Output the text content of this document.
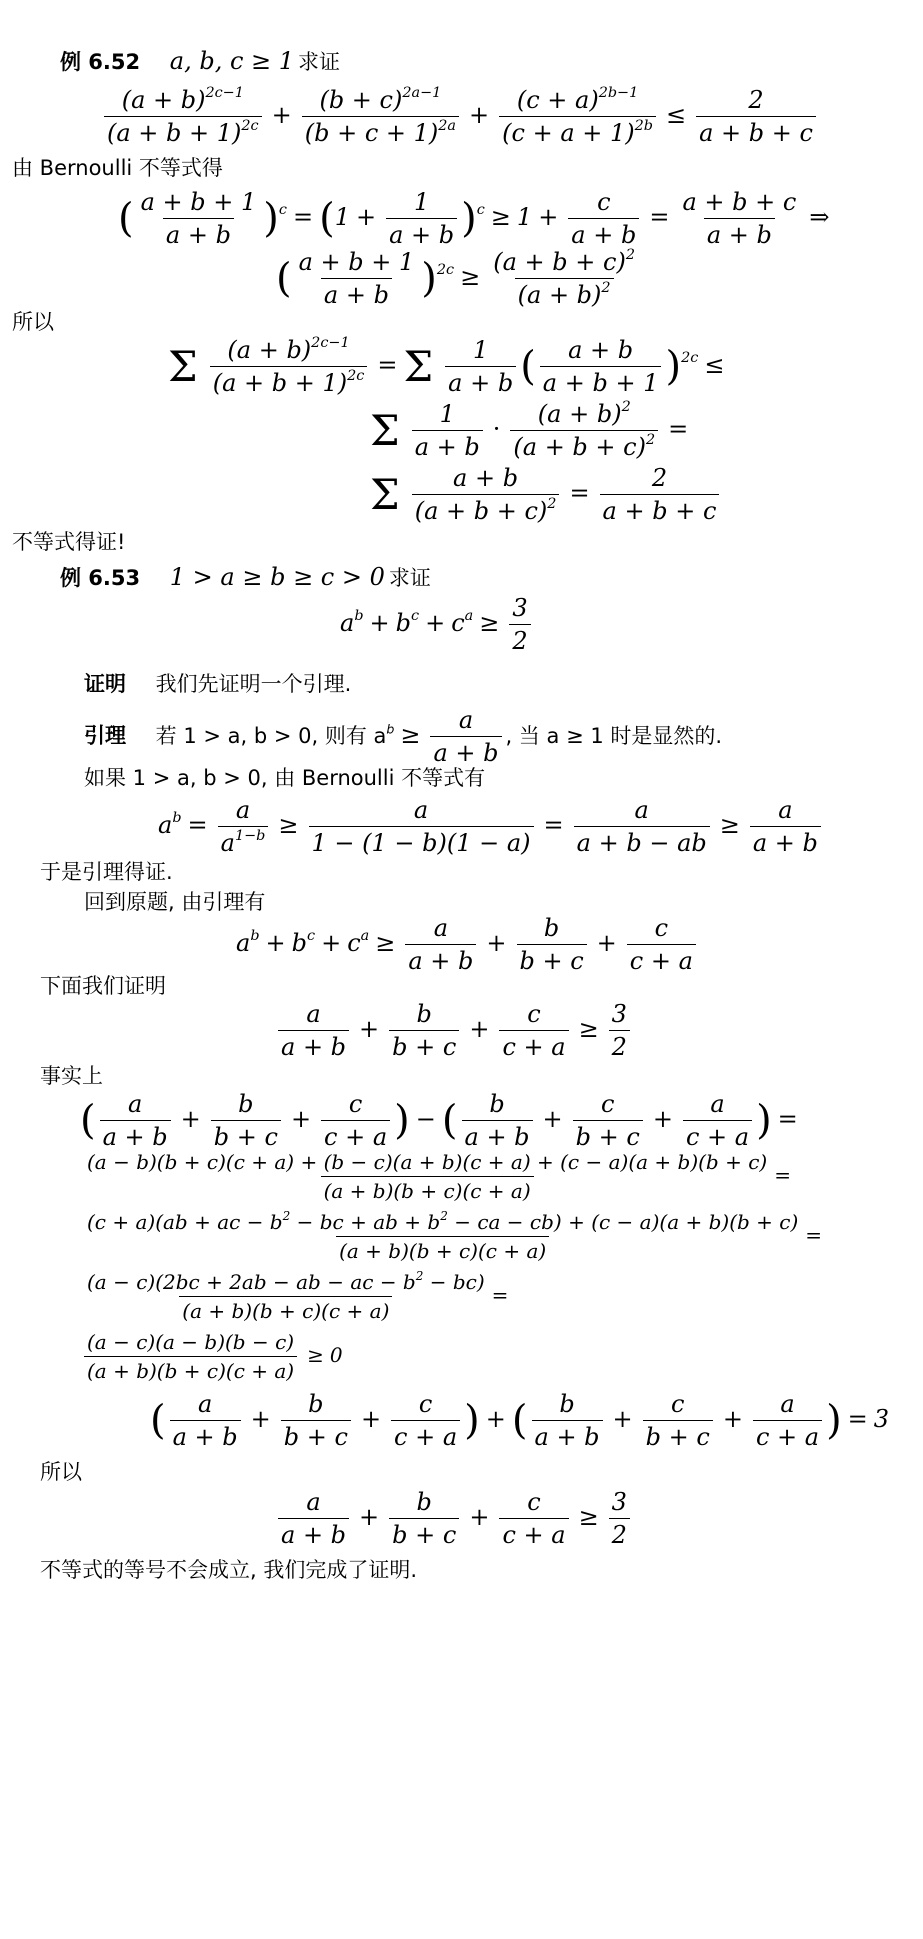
例 6.52 a, b, c ≥ 1 求证
$\frac{(a + b)^{2c-1}}{(a + b + 1)^{2c}} + \frac{(b + c)^{2a-1}}{(b + c + 1)^{2a}} + \frac{(c + a)^{2b-1}}{(c + a + 1)^{2b}} \le \frac{2}{a + b + c}$
由 Bernoulli 不等式得
( $\frac{a + b + 1}{a + b} )^c = (1 + \frac{1}{a + b} )^c \ge 1 + \frac{c}{a + b} = \frac{a + b + c}{a + b}$ ⇒
( $\frac{a + b + 1}{a + b} )^{2c} \ge \frac{(a + b + c)^2}{(a + b)^2}$
所以
Σ $\frac{(a + b)^{2c-1}}{(a + b + 1)^{2c}} = \Sigma \frac{1}{a + b}$ ( $\frac{a + b}{a + b + 1} )^{2c}$ ≤
Σ $\frac{1}{a + b} \cdot \frac{(a + b)^2}{(a + b + c)^2}$ =
Σ $\frac{a + b}{(a + b + c)^2} = \frac{2}{a + b + c}$
不等式得证!
例 6.53 1 > a ≥ b ≥ c > 0 求证
$a^b + b^c + c^a \ge \frac{3}{2}$
证明 我们先证明一个引理.
引理 若 1 > a, b > 0, 则有 $a^b \ge \frac{a}{a + b}$ , 当 a ≥ 1 时是显然的.
如果 1 > a, b > 0, 由 Bernoulli 不等式有
$a^b = \frac{a}{a^{1-b}} \ge \frac{a}{1 - (1 - b)(1 - a)} = \frac{a}{a + b - ab} \ge \frac{a}{a + b}$
于是引理得证.
回到原题, 由引理有
$a^b + b^c + c^a \ge \frac{a}{a + b} + \frac{b}{b + c} + \frac{c}{c + a}$
下面我们证明
$\frac{a}{a + b} + \frac{b}{b + c} + \frac{c}{c + a} \ge \frac{3}{2}$
事实上
( $\frac{a}{a + b} + \frac{b}{b + c} + \frac{c}{c + a}$ ) − ( $\frac{b}{a + b} + \frac{c}{b + c} + \frac{a}{c + a}$ ) =
(a − b)(b + c)(c + a) + (b − c)(a + b)(c + a) + (c − a)(a + b)(b + c)
(a + b)(b + c)(c + a)
=
(c + a)(ab + ac − $b^2$ − bc + ab + $b^2$ − ca − cb) + (c − a)(a + b)(b + c)
(a + b)(b + c)(c + a)
=
$\frac{(a - c)(2bc + 2ab - ab - ac - b^2 - bc)}{(a + b)(b + c)(c + a)}$ =
$\frac{(a - c)(a - b)(b - c)}{(a + b)(b + c)(c + a)} \ge 0$
( $\frac{a}{a + b} + \frac{b}{b + c} + \frac{c}{c + a}$ ) + ( $\frac{b}{a + b} + \frac{c}{b + c} + \frac{a}{c + a}$ ) = 3
所以
$\frac{a}{a + b} + \frac{b}{b + c} + \frac{c}{c + a} \ge \frac{3}{2}$
不等式的等号不会成立, 我们完成了证明.
